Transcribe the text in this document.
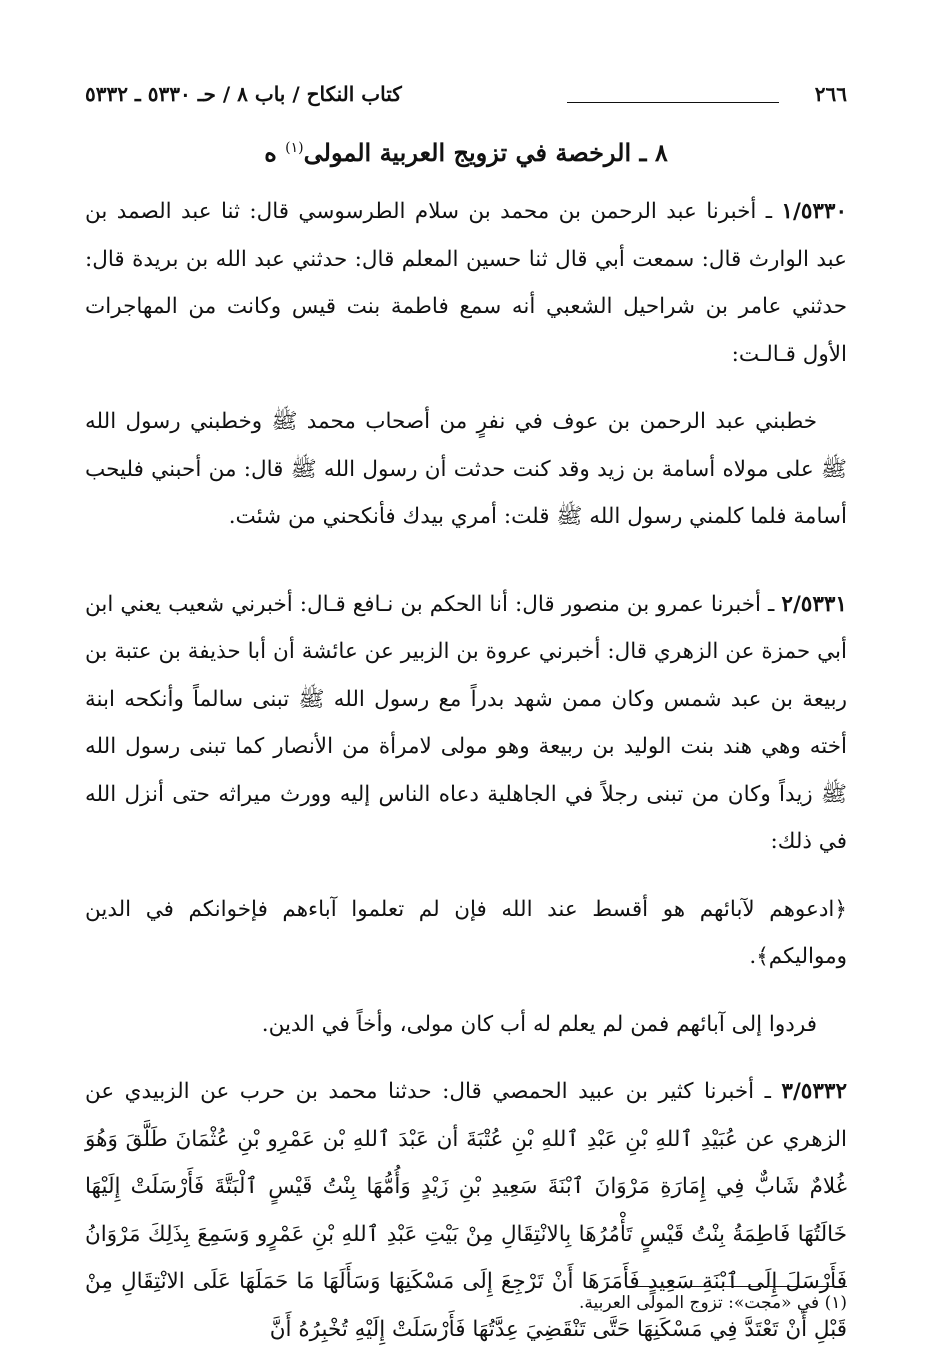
٢٦٦
كتاب النكاح / باب ٨ / حـ ٥٣٣٠ ـ ٥٣٣٢
٨ ـ الرخصة في تزويج العربية المولى$^{(١)}$ ه

١/٥٣٣٠ ـ أخبرنا عبد الرحمن بن محمد بن سلام الطرسوسي قال: ثنا عبد الصمد بن عبد الوارث قال: سمعت أبي قال ثنا حسين المعلم قال: حدثني عبد الله بن بريدة قال: حدثني عامر بن شراحيل الشعبي أنه سمع فاطمة بنت قيس وكانت من المهاجرات الأول قـالـت:

خطبني عبد الرحمن بن عوف في نفرٍ من أصحاب محمد ﷺ وخطبني رسول الله ﷺ على مولاه أسامة بن زيد وقد كنت حدثت أن رسول الله ﷺ قال: من أحبني فليحب أسامة فلما كلمني رسول الله ﷺ قلت: أمري بيدك فأنكحني من شئت.

٢/٥٣٣١ ـ أخبرنا عمرو بن منصور قال: أنا الحكم بن نـافع قـال: أخبرني شعيب يعني ابن أبي حمزة عن الزهري قال: أخبرني عروة بن الزبير عن عائشة أن أبا حذيفة بن عتبة بن ربيعة بن عبد شمس وكان ممن شهد بدراً مع رسول الله ﷺ تبنى سالماً وأنكحه ابنة أخته وهي هند بنت الوليد بن ربيعة وهو مولى لامرأة من الأنصار كما تبنى رسول الله ﷺ زيداً وكان من تبنى رجلاً في الجاهلية دعاه الناس إليه وورث ميراثه حتى أنزل الله في ذلك:

﴿ادعوهم لآبائهم هو أقسط عند الله فإن لم تعلموا آباءهم فإخوانكم في الدين ومواليكم﴾.

فردوا إلى آبائهم فمن لم يعلم له أب كان مولى، وأخاً في الدين.

٣/٥٣٣٢ ـ أخبرنا كثير بن عبيد الحمصي قال: حدثنا محمد بن حرب عن الزبيدي عن الزهري عن عُبَيْدِ ٱللهِ بْنِ عَبْدِ ٱللهِ بْنِ عُتْبَةَ أن عَبْدَ ٱللهِ بْن عَمْرِو بْنِ عُثْمَانَ طَلَّقَ وَهُوَ غُلامٌ شَابٌّ فِي إِمَارَةِ مَرْوَانَ ٱبْنَةَ سَعِيدِ بْنِ زَيْدٍ وَأُمُّهَا بِنْتُ قَيْسٍ ٱلْبَتَّةَ فَأَرْسَلَتْ إِلَيْهَا خَالَتُهَا فَاطِمَةُ بِنْتُ قَيْسٍ تَأْمُرُهَا بِالانْتِقَالِ مِنْ بَيْتِ عَبْدِ ٱللهِ بْنِ عَمْرٍو وَسَمِعَ بِذَلِكَ مَرْوَانُ فَأَرْسَلَ إِلَى ٱبْنَةِ سَعِيدٍ فَأَمَرَهَا أَنْ تَرْجِعَ إِلَى مَسْكَنِهَا وَسَأَلَهَا مَا حَمَلَهَا عَلَى الانْتِقَالِ مِنْ قَبْلِ أَنْ تَعْتَدَّ فِي مَسْكَنِهَا حَتَّى تَنْقَضِيَ عِدَّتُهَا فَأَرْسَلَتْ إِلَيْهِ تُخْبِرُهُ أَنَّ

(١) في «مجت»: تزوج المولى العربية.
